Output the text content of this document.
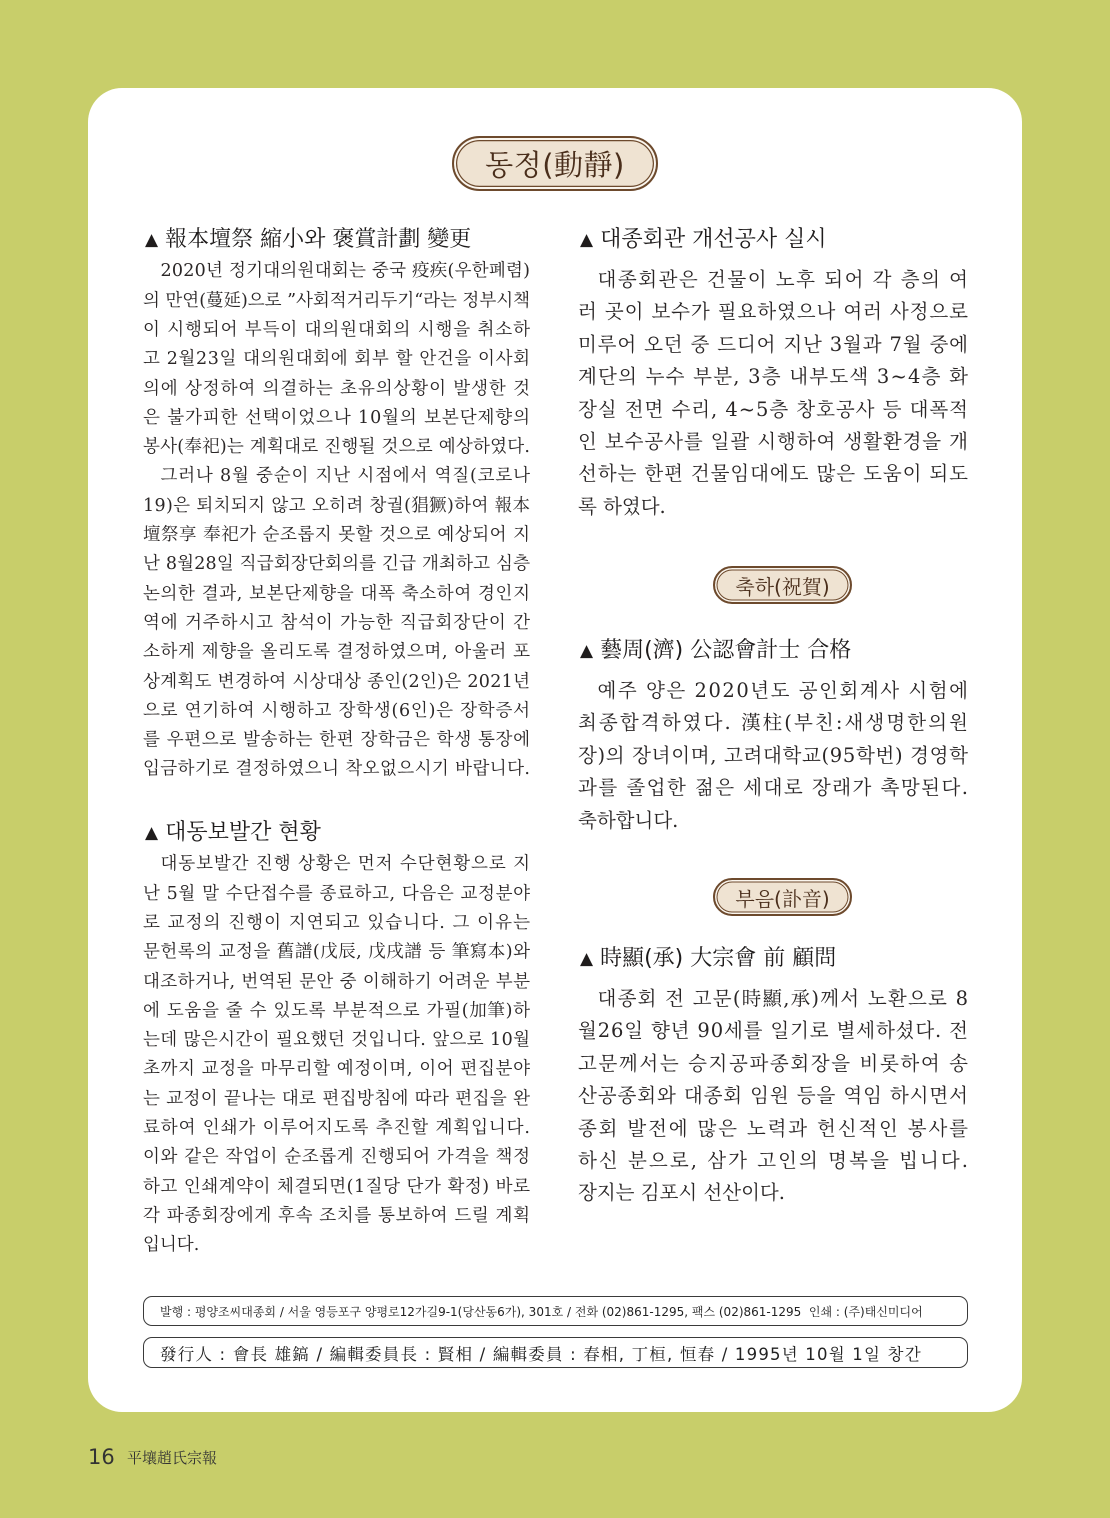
동정(動靜)
▲ 報本壇祭 縮小와 褒賞計劃 變更
2020년 정기대의원대회는 중국 疫疾(우한폐렴)
의 만연(蔓延)으로 ”사회적거리두기“라는 정부시책
이 시행되어 부득이 대의원대회의 시행을 취소하
고 2월23일 대의원대회에 회부 할 안건을 이사회
의에 상정하여 의결하는 초유의상황이 발생한 것
은 불가피한 선택이었으나 10월의 보본단제향의
봉사(奉祀)는 계획대로 진행될 것으로 예상하였다.
그러나 8월 중순이 지난 시점에서 역질(코로나
19)은 퇴치되지 않고 오히려 창궐(猖獗)하여 報本
壇祭享 奉祀가 순조롭지 못할 것으로 예상되어 지
난 8월28일 직급회장단회의를 긴급 개최하고 심층
논의한 결과, 보본단제향을 대폭 축소하여 경인지
역에 거주하시고 참석이 가능한 직급회장단이 간
소하게 제향을 올리도록 결정하였으며, 아울러 포
상계획도 변경하여 시상대상 종인(2인)은 2021년
으로 연기하여 시행하고 장학생(6인)은 장학증서
를 우편으로 발송하는 한편 장학금은 학생 통장에
입금하기로 결정하였으니 착오없으시기 바랍니다.
▲ 대동보발간 현황
대동보발간 진행 상황은 먼저 수단현황으로 지
난 5월 말 수단접수를 종료하고, 다음은 교정분야
로 교정의 진행이 지연되고 있습니다. 그 이유는
문헌록의 교정을 舊譜(戊辰, 戊戌譜 등 筆寫本)와
대조하거나, 번역된 문안 중 이해하기 어려운 부분
에 도움을 줄 수 있도록 부분적으로 가필(加筆)하
는데 많은시간이 필요했던 것입니다. 앞으로 10월
초까지 교정을 마무리할 예정이며, 이어 편집분야
는 교정이 끝나는 대로 편집방침에 따라 편집을 완
료하여 인쇄가 이루어지도록 추진할 계획입니다.
이와 같은 작업이 순조롭게 진행되어 가격을 책정
하고 인쇄계약이 체결되면(1질당 단가 확정) 바로
각 파종회장에게 후속 조치를 통보하여 드릴 계획
입니다.
▲ 대종회관 개선공사 실시
대종회관은 건물이 노후 되어 각 층의 여
러 곳이 보수가 필요하였으나 여러 사정으로
미루어 오던 중 드디어 지난 3월과 7월 중에
계단의 누수 부분, 3층 내부도색 3~4층 화
장실 전면 수리, 4~5층 창호공사 등 대폭적
인 보수공사를 일괄 시행하여 생활환경을 개
선하는 한편 건물임대에도 많은 도움이 되도
록 하였다.
축하(祝賀)
▲ 藝周(濟) 公認會計士 合格
예주 양은 2020년도 공인회계사 시험에
최종합격하였다. 漢柱(부친:새생명한의원
장)의 장녀이며, 고려대학교(95학번) 경영학
과를 졸업한 젊은 세대로 장래가 촉망된다.
축하합니다.
부음(訃音)
▲ 時顯(承) 大宗會 前 顧問
대종회 전 고문(時顯,承)께서 노환으로 8
월26일 향년 90세를 일기로 별세하셨다. 전
고문께서는 승지공파종회장을 비롯하여 송
산공종회와 대종회 임원 등을 역임 하시면서
종회 발전에 많은 노력과 헌신적인 봉사를
하신 분으로, 삼가 고인의 명복을 빕니다.
장지는 김포시 선산이다.
발행 : 평양조씨대종회 / 서울 영등포구 양평로12가길9-1(당산동6가), 301호 / 전화 (02)861-1295, 팩스 (02)861-1295  인쇄 : (주)태신미디어
發行人 : 會長 雄鎬 / 編輯委員長 : 賢相 / 編輯委員 : 春相, 丁桓, 恒春 / 1995년 10월 1일 창간
16 平壤趙氏宗報
